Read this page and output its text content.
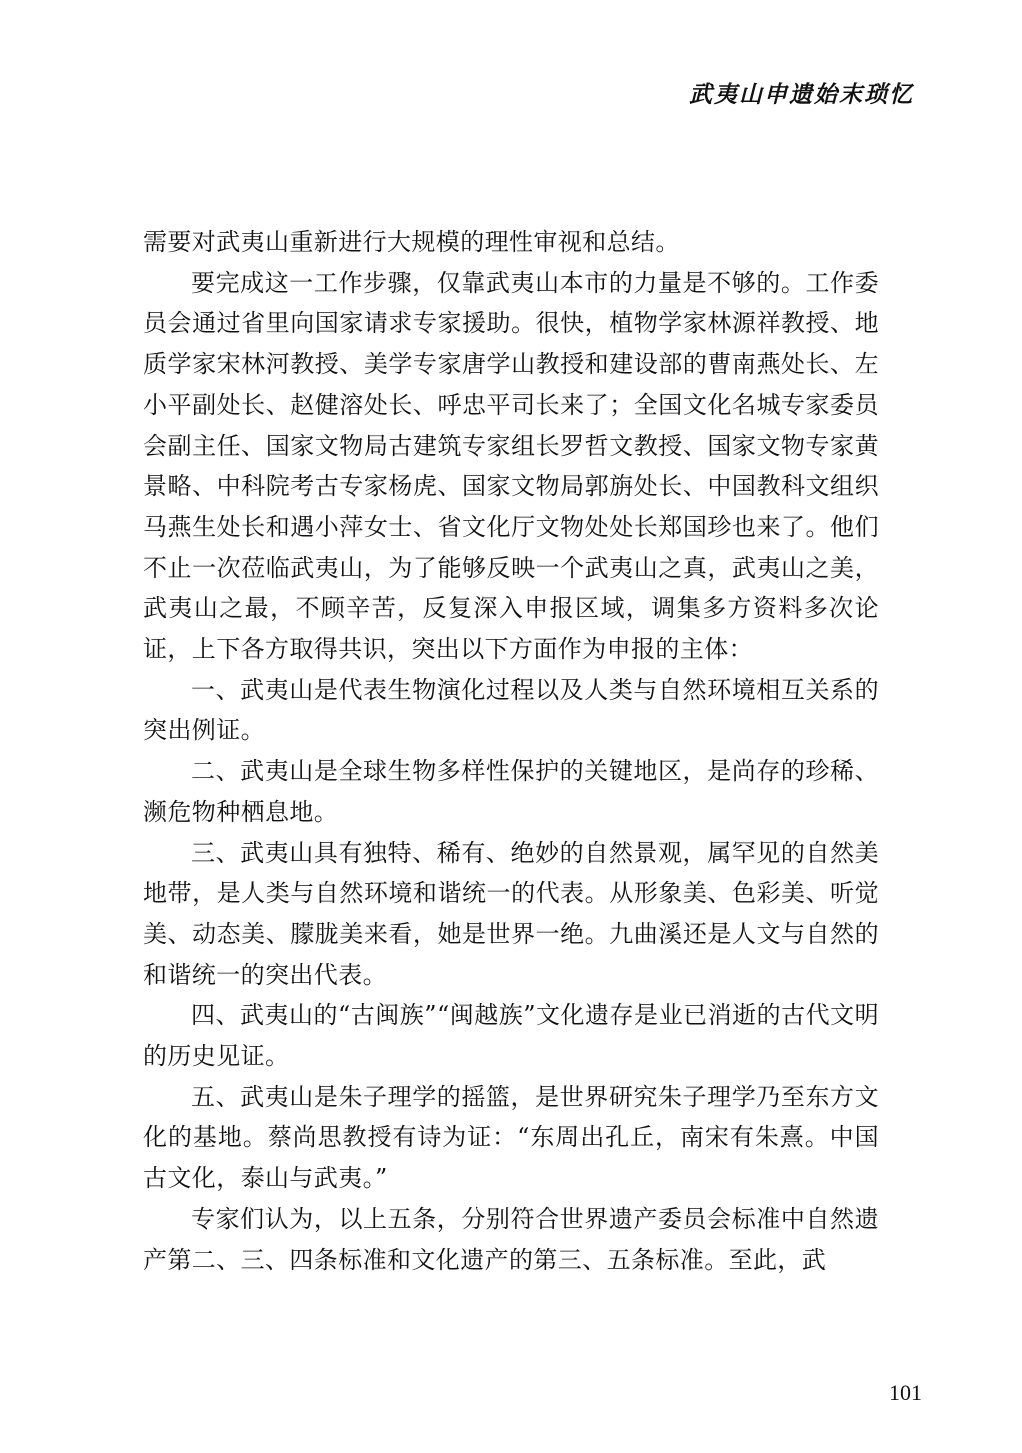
武夷山申遗始末琐忆

需要对武夷山重新进行大规模的理性审视和总结。

要完成这一工作步骤，仅靠武夷山本市的力量是不够的。工作委员会通过省里向国家请求专家援助。很快，植物学家林源祥教授、地质学家宋林河教授、美学专家唐学山教授和建设部的曹南燕处长、左小平副处长、赵健溶处长、呼忠平司长来了；全国文化名城专家委员会副主任、国家文物局古建筑专家组长罗哲文教授、国家文物专家黄景略、中科院考古专家杨虎、国家文物局郭旃处长、中国教科文组织马燕生处长和遇小萍女士、省文化厅文物处处长郑国珍也来了。他们不止一次莅临武夷山，为了能够反映一个武夷山之真，武夷山之美，武夷山之最，不顾辛苦，反复深入申报区域，调集多方资料多次论证，上下各方取得共识，突出以下方面作为申报的主体：

一、武夷山是代表生物演化过程以及人类与自然环境相互关系的突出例证。

二、武夷山是全球生物多样性保护的关键地区，是尚存的珍稀、濒危物种栖息地。

三、武夷山具有独特、稀有、绝妙的自然景观，属罕见的自然美地带，是人类与自然环境和谐统一的代表。从形象美、色彩美、听觉美、动态美、朦胧美来看，她是世界一绝。九曲溪还是人文与自然的和谐统一的突出代表。

四、武夷山的“古闽族”“闽越族”文化遗存是业已消逝的古代文明的历史见证。

五、武夷山是朱子理学的摇篮，是世界研究朱子理学乃至东方文化的基地。蔡尚思教授有诗为证：“东周出孔丘，南宋有朱熹。中国古文化，泰山与武夷。”

专家们认为，以上五条，分别符合世界遗产委员会标准中自然遗产第二、三、四条标准和文化遗产的第三、五条标准。至此，武

101
